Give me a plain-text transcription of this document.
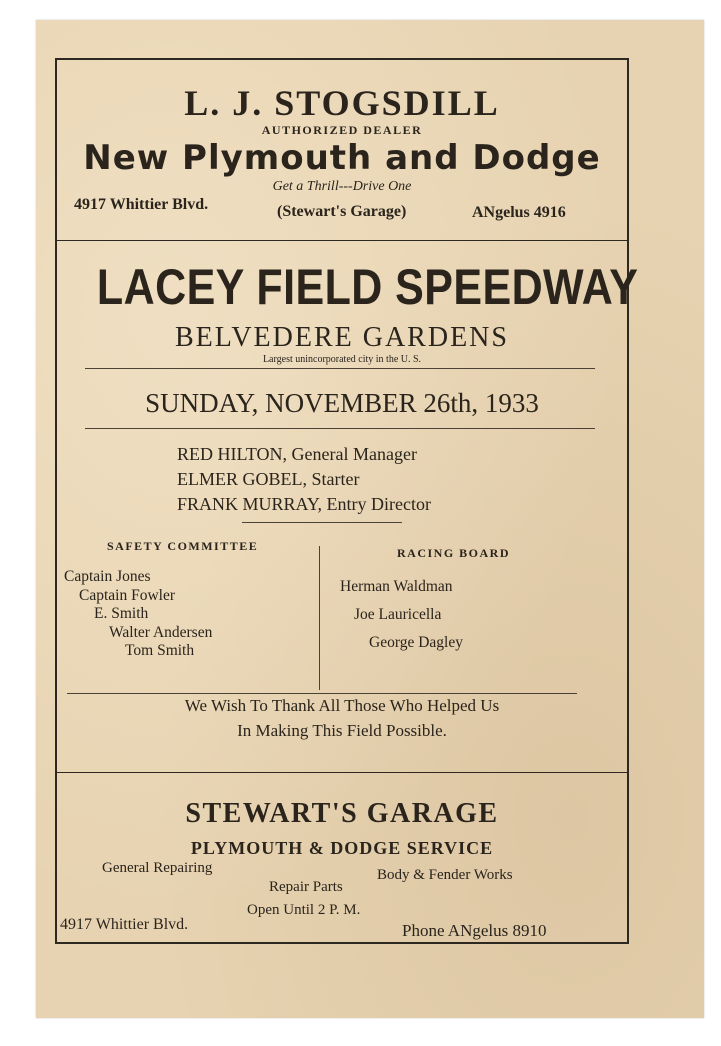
L. J. STOGSDILL
AUTHORIZED DEALER
New Plymouth and Dodge
Get a Thrill---Drive One
4917 Whittier Blvd.	(Stewart's Garage)	ANgelus 4916
LACEY FIELD SPEEDWAY
BELVEDERE GARDENS
Largest unincorporated city in the U. S.
SUNDAY, NOVEMBER 26th, 1933
RED HILTON, General Manager
ELMER GOBEL, Starter
FRANK MURRAY, Entry Director
SAFETY COMMITTEE
Captain Jones
Captain Fowler
E. Smith
Walter Andersen
Tom Smith
RACING BOARD
Herman Waldman
Joe Lauricella
George Dagley
We Wish To Thank All Those Who Helped Us
In Making This Field Possible.
STEWART'S GARAGE
PLYMOUTH & DODGE SERVICE
General Repairing	Body & Fender Works
Repair Parts
Open Until 2 P. M.
4917 Whittier Blvd.	Phone ANgelus 8910
